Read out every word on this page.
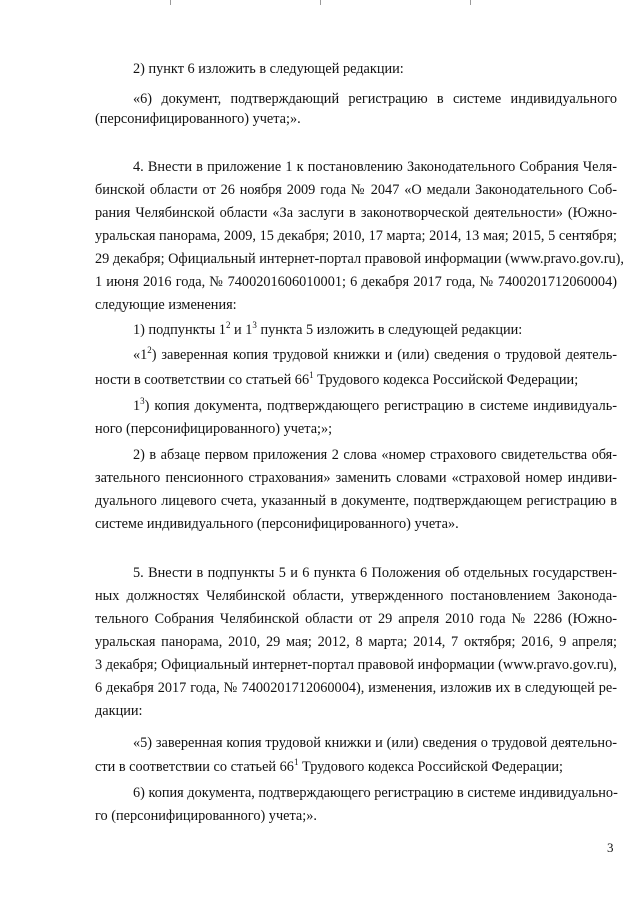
2) пункт 6 изложить в следующей редакции:
«6) документ, подтверждающий регистрацию в системе индивидуального
(персонифицированного) учета;».
4. Внести в приложение 1 к постановлению Законодательного Собрания Челя-
бинской области от 26 ноября 2009 года № 2047 «О медали Законодательного Соб-
рания Челябинской области «За заслуги в законотворческой деятельности» (Южно-
уральская панорама, 2009, 15 декабря; 2010, 17 марта; 2014, 13 мая; 2015, 5 сентября;
29 декабря; Официальный интернет-портал правовой информации (www.pravo.gov.ru),
1 июня 2016 года, № 7400201606010001; 6 декабря 2017 года, № 7400201712060004)
следующие изменения:
1) подпункты $1^2$ и $1^3$ пункта 5 изложить в следующей редакции:
«$1^2$) заверенная копия трудовой книжки и (или) сведения о трудовой деятель-
ности в соответствии со статьей $66^1$ Трудового кодекса Российской Федерации;
$1^3$) копия документа, подтверждающего регистрацию в системе индивидуаль-
ного (персонифицированного) учета;»;
2) в абзаце первом приложения 2 слова «номер страхового свидетельства обя-
зательного пенсионного страхования» заменить словами «страховой номер индиви-
дуального лицевого счета, указанный в документе, подтверждающем регистрацию в
системе индивидуального (персонифицированного) учета».
5. Внести в подпункты 5 и 6 пункта 6 Положения об отдельных государствен-
ных должностях Челябинской области, утвержденного постановлением Законода-
тельного Собрания Челябинской области от 29 апреля 2010 года № 2286 (Южно-
уральская панорама, 2010, 29 мая; 2012, 8 марта; 2014, 7 октября; 2016, 9 апреля;
3 декабря; Официальный интернет-портал правовой информации (www.pravo.gov.ru),
6 декабря 2017 года, № 7400201712060004), изменения, изложив их в следующей ре-
дакции:
«5) заверенная копия трудовой книжки и (или) сведения о трудовой деятельно-
сти в соответствии со статьей $66^1$ Трудового кодекса Российской Федерации;
6) копия документа, подтверждающего регистрацию в системе индивидуально-
го (персонифицированного) учета;».
3
